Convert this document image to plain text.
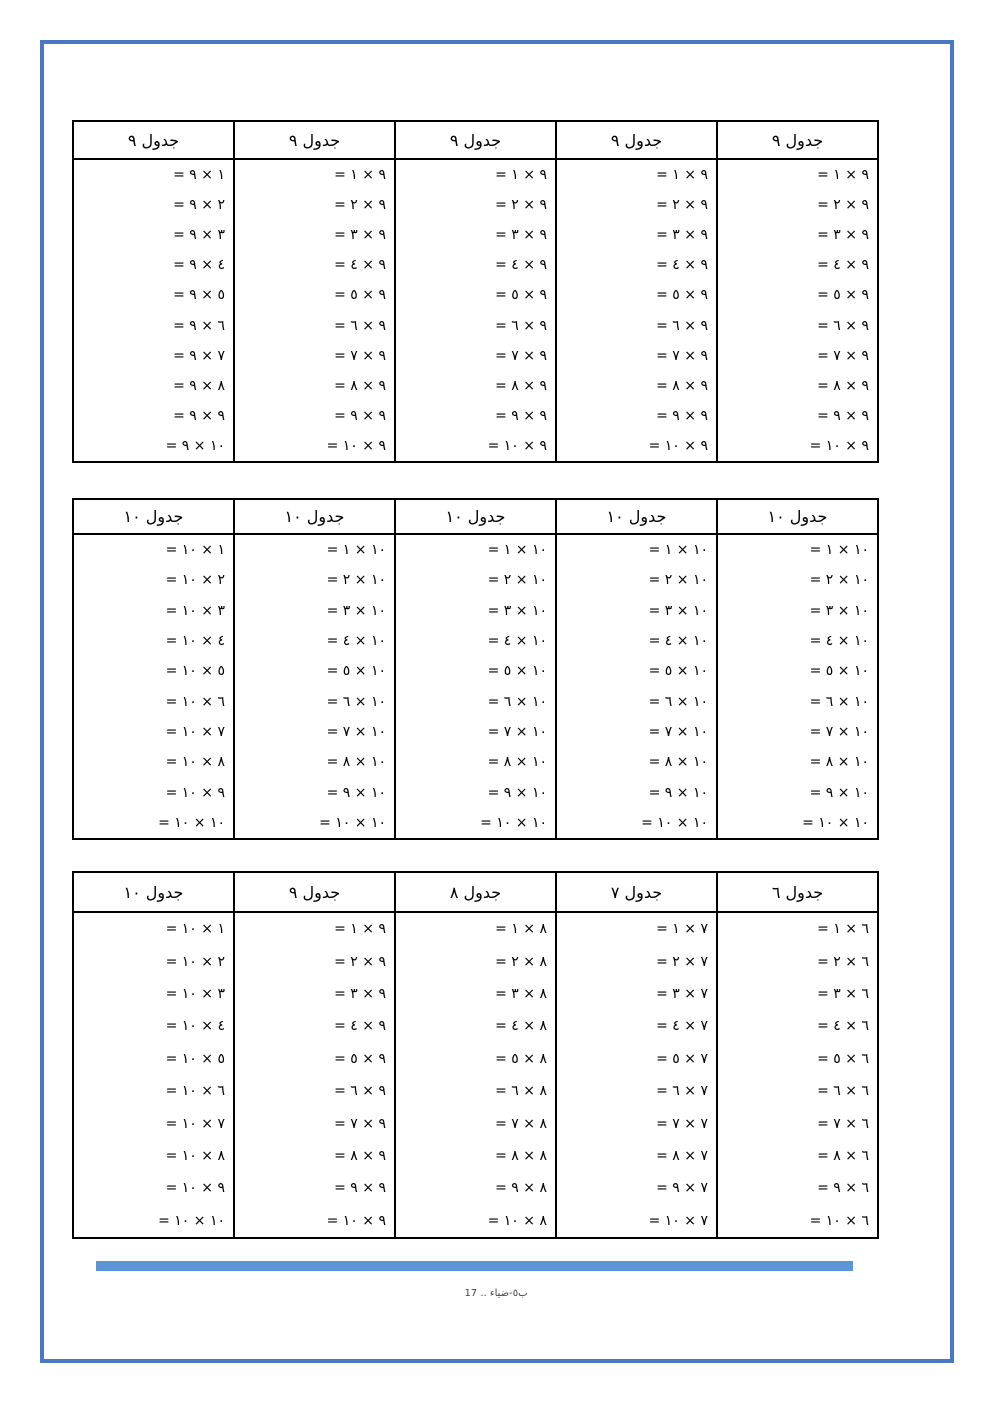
جدول ٩	جدول ٩	جدول ٩	جدول ٩	جدول ٩
٩ × ١ =	٩ × ١ =	٩ × ١ =	٩ × ١ =	١ × ٩ =
٩ × ٢ =	٩ × ٢ =	٩ × ٢ =	٩ × ٢ =	٢ × ٩ =
٩ × ٣ =	٩ × ٣ =	٩ × ٣ =	٩ × ٣ =	٣ × ٩ =
٩ × ٤ =	٩ × ٤ =	٩ × ٤ =	٩ × ٤ =	٤ × ٩ =
٩ × ٥ =	٩ × ٥ =	٩ × ٥ =	٩ × ٥ =	٥ × ٩ =
٩ × ٦ =	٩ × ٦ =	٩ × ٦ =	٩ × ٦ =	٦ × ٩ =
٩ × ٧ =	٩ × ٧ =	٩ × ٧ =	٩ × ٧ =	٧ × ٩ =
٩ × ٨ =	٩ × ٨ =	٩ × ٨ =	٩ × ٨ =	٨ × ٩ =
٩ × ٩ =	٩ × ٩ =	٩ × ٩ =	٩ × ٩ =	٩ × ٩ =
٩ × ١٠ =	٩ × ١٠ =	٩ × ١٠ =	٩ × ١٠ =	١٠ × ٩ =
جدول ١٠	جدول ١٠	جدول ١٠	جدول ١٠	جدول ١٠
١٠ × ١ =	١٠ × ١ =	١٠ × ١ =	١٠ × ١ =	١ × ١٠ =
١٠ × ٢ =	١٠ × ٢ =	١٠ × ٢ =	١٠ × ٢ =	٢ × ١٠ =
١٠ × ٣ =	١٠ × ٣ =	١٠ × ٣ =	١٠ × ٣ =	٣ × ١٠ =
١٠ × ٤ =	١٠ × ٤ =	١٠ × ٤ =	١٠ × ٤ =	٤ × ١٠ =
١٠ × ٥ =	١٠ × ٥ =	١٠ × ٥ =	١٠ × ٥ =	٥ × ١٠ =
١٠ × ٦ =	١٠ × ٦ =	١٠ × ٦ =	١٠ × ٦ =	٦ × ١٠ =
١٠ × ٧ =	١٠ × ٧ =	١٠ × ٧ =	١٠ × ٧ =	٧ × ١٠ =
١٠ × ٨ =	١٠ × ٨ =	١٠ × ٨ =	١٠ × ٨ =	٨ × ١٠ =
١٠ × ٩ =	١٠ × ٩ =	١٠ × ٩ =	١٠ × ٩ =	٩ × ١٠ =
١٠ × ١٠ =	١٠ × ١٠ =	١٠ × ١٠ =	١٠ × ١٠ =	١٠ × ١٠ =
جدول ٦	جدول ٧	جدول ٨	جدول ٩	جدول ١٠
٦ × ١ =	٧ × ١ =	٨ × ١ =	٩ × ١ =	١ × ١٠ =
٦ × ٢ =	٧ × ٢ =	٨ × ٢ =	٩ × ٢ =	٢ × ١٠ =
٦ × ٣ =	٧ × ٣ =	٨ × ٣ =	٩ × ٣ =	٣ × ١٠ =
٦ × ٤ =	٧ × ٤ =	٨ × ٤ =	٩ × ٤ =	٤ × ١٠ =
٦ × ٥ =	٧ × ٥ =	٨ × ٥ =	٩ × ٥ =	٥ × ١٠ =
٦ × ٦ =	٧ × ٦ =	٨ × ٦ =	٩ × ٦ =	٦ × ١٠ =
٦ × ٧ =	٧ × ٧ =	٨ × ٧ =	٩ × ٧ =	٧ × ١٠ =
٦ × ٨ =	٧ × ٨ =	٨ × ٨ =	٩ × ٨ =	٨ × ١٠ =
٦ × ٩ =	٧ × ٩ =	٨ × ٩ =	٩ × ٩ =	٩ × ١٠ =
٦ × ١٠ =	٧ × ١٠ =	٨ × ١٠ =	٩ × ١٠ =	١٠ × ١٠ =
ب٥-ضياء .. 17
